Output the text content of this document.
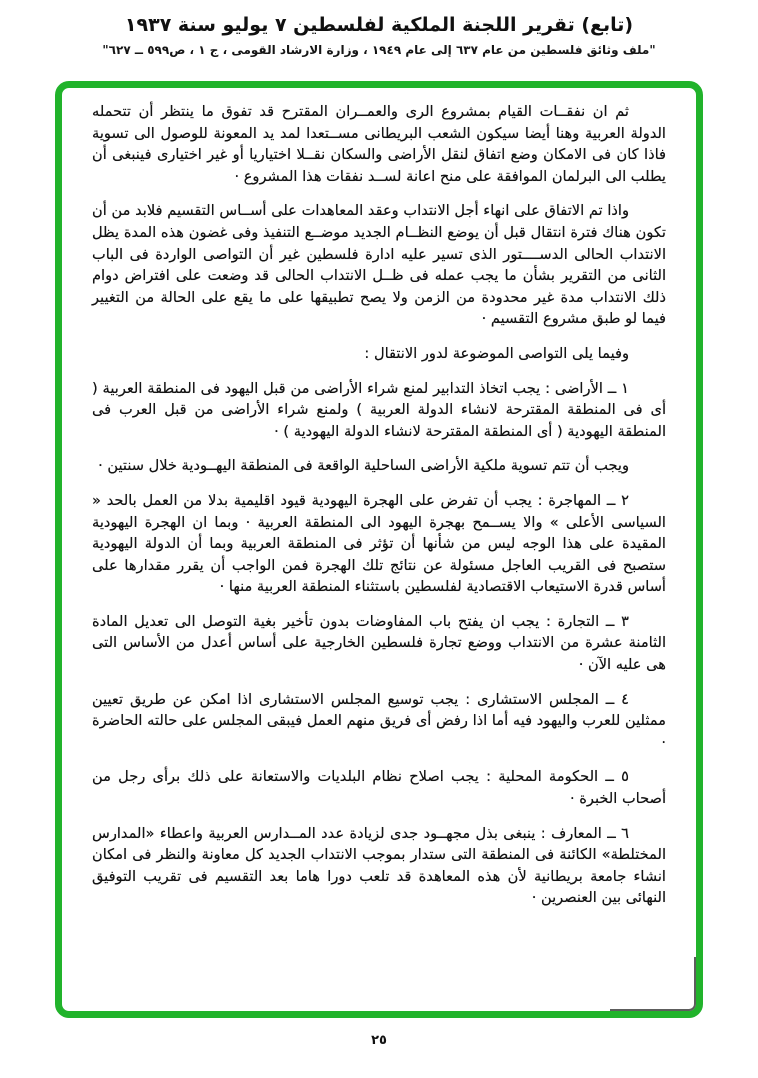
(تابع) تقرير اللجنة الملكية لفلسطين ٧ يوليو سنة ١٩٣٧
"ملف وثائق فلسطين من عام ٦٣٧ إلى عام ١٩٤٩ ، وزارة الارشاد القومى ، ج ١ ، ص٥٩٩ ــ ٦٢٧"

ثم ان نفقــات القيام بمشروع الرى والعمــران المقترح قد تفوق ما ينتظر أن تتحمله الدولة العربية وهنا أيضا سيكون الشعب البريطانى مســتعدا لمد يد المعونة للوصول الى تسوية فاذا كان فى الامكان وضع اتفاق لنقل الأراضى والسكان نقــلا اختياريا أو غير اختيارى فينبغى أن يطلب الى البرلمان الموافقة على منح اعانة لســد نفقات هذا المشروع ·

واذا تم الاتفاق على انهاء أجل الانتداب وعقد المعاهدات على أســاس التقسيم فلابد من أن تكون هناك فترة انتقال قبل أن يوضع النظــام الجديد موضــع التنفيذ وفى غضون هذه المدة يظل الانتداب الحالى الدســــتور الذى تسير عليه ادارة فلسطين غير أن التواصى الواردة فى الباب الثانى من التقرير بشأن ما يجب عمله فى ظــل الانتداب الحالى قد وضعت على افتراض دوام ذلك الانتداب مدة غير محدودة من الزمن ولا يصح تطبيقها على ما يقع على الحالة من التغيير فيما لو طبق مشروع التقسيم ·

وفيما يلى التواصى الموضوعة لدور الانتقال :

١ ــ الأراضى : يجب اتخاذ التدابير لمنع شراء الأراضى من قبل اليهود فى المنطقة العربية ( أى فى المنطقة المقترحة لانشاء الدولة العربية ) ولمنع شراء الأراضى من قبل العرب فى المنطقة اليهودية ( أى المنطقة المقترحة لانشاء الدولة اليهودية ) ·

ويجب أن تتم تسوية ملكية الأراضى الساحلية الواقعة فى المنطقة اليهــودية خلال سنتين ·

٢ ــ المهاجرة : يجب أن تفرض على الهجرة اليهودية قيود اقليمية بدلا من العمل بالحد « السياسى الأعلى » والا يســمح بهجرة اليهود الى المنطقة العربية · وبما ان الهجرة اليهودية المقيدة على هذا الوجه ليس من شأنها أن تؤثر فى المنطقة العربية وبما أن الدولة اليهودية ستصبح فى القريب العاجل مسئولة عن نتائج تلك الهجرة فمن الواجب أن يقرر مقدارها على أساس قدرة الاستيعاب الاقتصادية لفلسطين باستثناء المنطقة العربية منها ·

٣ ــ التجارة : يجب ان يفتح باب المفاوضات بدون تأخير بغية التوصل الى تعديل المادة الثامنة عشرة من الانتداب ووضع تجارة فلسطين الخارجية على أساس أعدل من الأساس التى هى عليه الآن ·

٤ ــ المجلس الاستشارى : يجب توسيع المجلس الاستشارى اذا امكن عن طريق تعيين ممثلين للعرب واليهود فيه أما اذا رفض أى فريق منهم العمل فيبقى المجلس على حالته الحاضرة ·

٥ ــ الحكومة المحلية : يجب اصلاح نظام البلديات والاستعانة على ذلك برأى رجل من أصحاب الخبرة ·

٦ ــ المعارف : ينبغى بذل مجهــود جدى لزيادة عدد المــدارس العربية واعطاء «المدارس المختلطة» الكائنة فى المنطقة التى ستدار بموجب الانتداب الجديد كل معاونة والنظر فى امكان انشاء جامعة بريطانية لأن هذه المعاهدة قد تلعب دورا هاما بعد التقسيم فى تقريب التوفيق النهائى بين العنصرين ·

٢٥
